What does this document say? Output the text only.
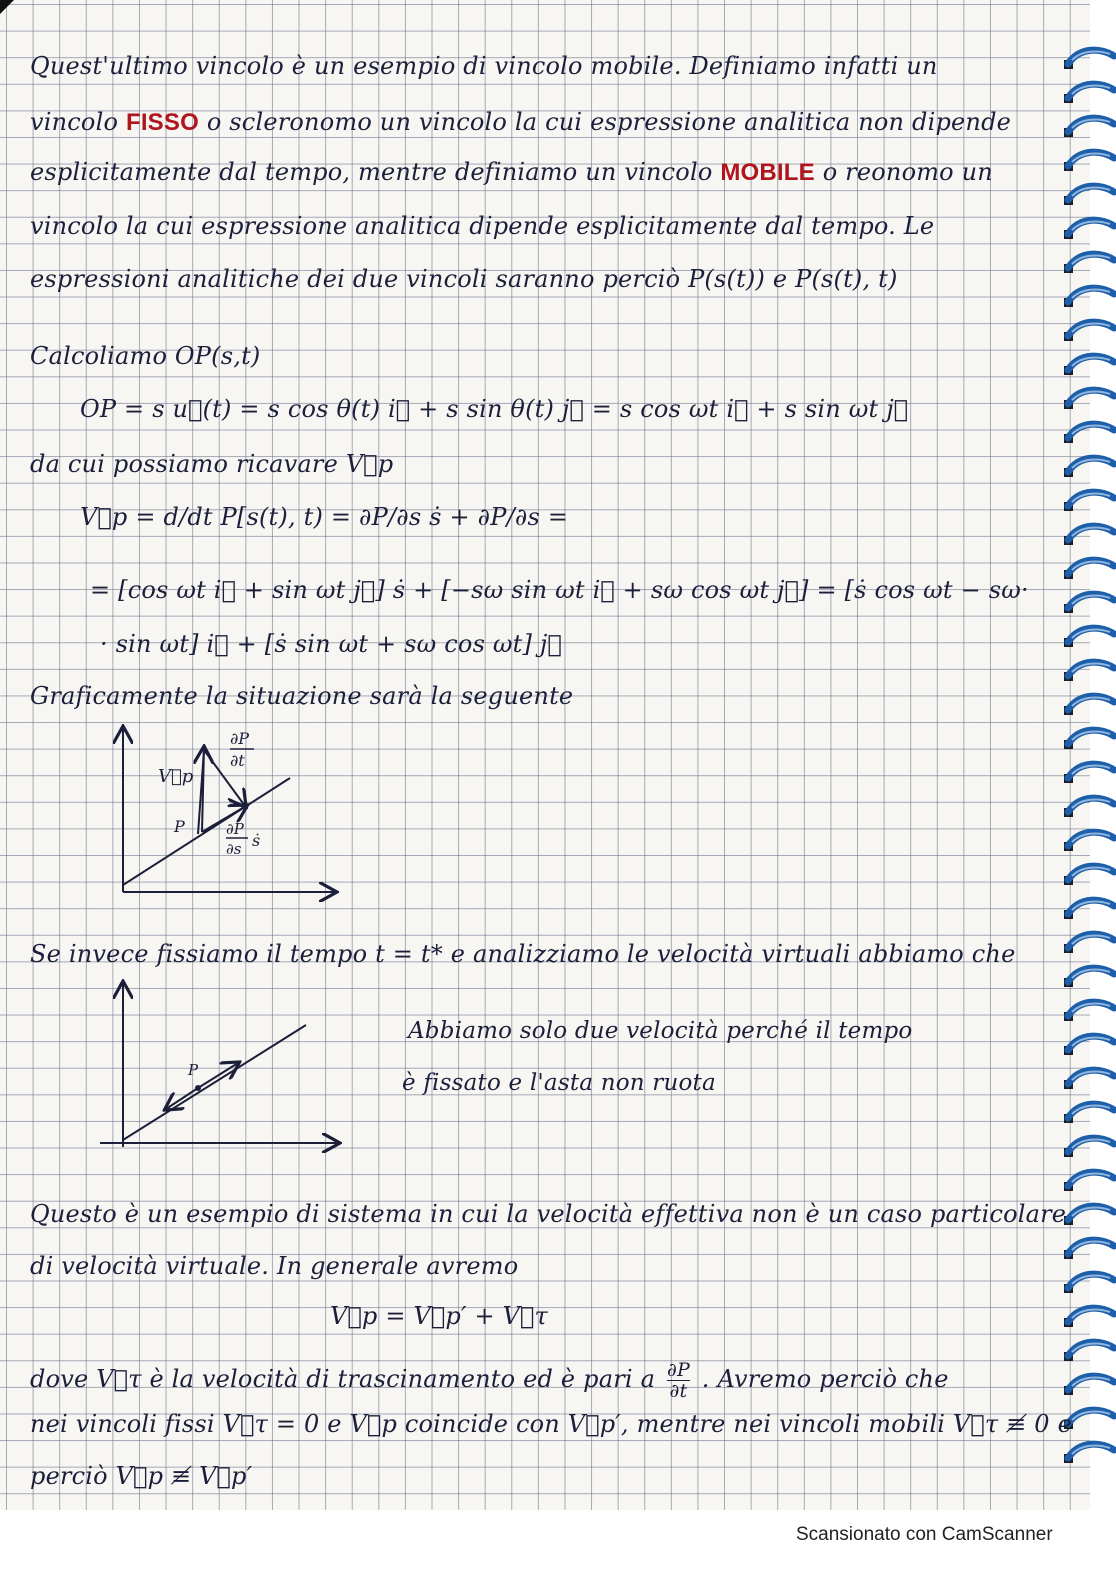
Quest'ultimo vincolo è un esempio di vincolo mobile. Definiamo infatti un
vincolo FISSO o scleronomo un vincolo la cui espressione analitica non dipende
esplicitamente dal tempo, mentre definiamo un vincolo MOBILE o reonomo un
vincolo la cui espressione analitica dipende esplicitamente dal tempo. Le
espressioni analitiche dei due vincoli saranno perciò P(s(t)) e P(s(t), t)
Calcoliamo OP(s,t)
OP = s u⃗(t) = s cos θ(t) i⃗ + s sin θ(t) j⃗ = s cos ωt i⃗ + s sin ωt j⃗
da cui possiamo ricavare V⃗p
V⃗p = d/dt P[s(t), t) = ∂P/∂s ṡ + ∂P/∂s =
= [cos ωt i⃗ + sin ωt j⃗] ṡ + [−sω sin ωt i⃗ + sω cos ωt j⃗] = [ṡ cos ωt − sω·
· sin ωt] i⃗ + [ṡ sin ωt + sω cos ωt] j⃗
Graficamente la situazione sarà la seguente
V⃗p
P
∂P
∂t
∂P
∂s ṡ
Se invece fissiamo il tempo t = t* e analizziamo le velocità virtuali abbiamo che
P
Abbiamo solo due velocità perché il tempo
è fissato e l'asta non ruota
Questo è un esempio di sistema in cui la velocità effettiva non è un caso particolare
di velocità virtuale. In generale avremo
V⃗p = V⃗p′ + V⃗τ
dove V⃗τ è la velocità di trascinamento ed è pari a $\frac{\partial P}{\partial t}$ . Avremo perciò che
nei vincoli fissi V⃗τ = 0 e V⃗p coincide con V⃗p′, mentre nei vincoli mobili V⃗τ ≢ 0 e
perciò V⃗p ≢ V⃗p′
Scansionato con CamScanner
